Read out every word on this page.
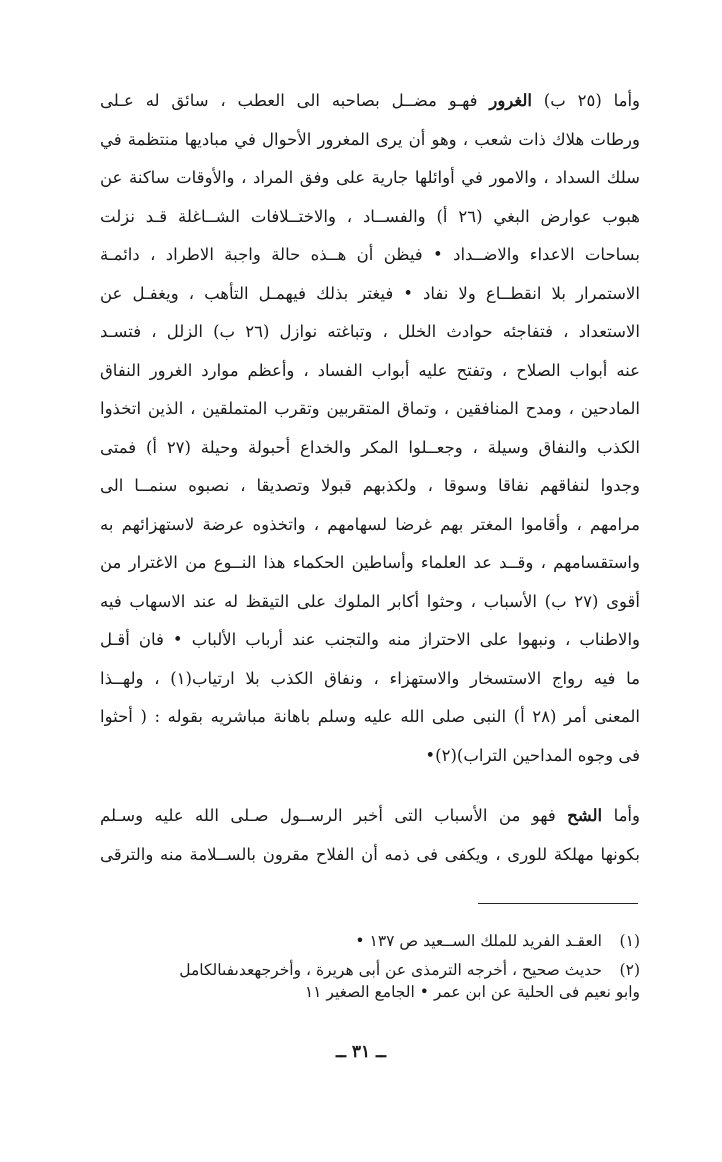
وأما (٢٥ ب) الغرور فهـو مضــل بصاحبه الى العطب ، سائق له عـلى
ورطات هلاك ذات شعب ، وهو أن يرى المغرور الأحوال في مباديها منتظمة في
سلك السداد ، والامور في أوائلها جارية على وفق المراد ، والأوقات ساكنة عن
هبوب عوارض البغي (٢٦ أ) والفســاد ، والاختــلافات الشــاغلة قـد نزلت
بساحات الاعداء والاضــداد • فيظن أن هــذه حالة واجبة الاطراد ، دائمـة
الاستمرار بلا انقطــاع ولا نفاد • فيغتر بذلك فيهمـل التأهب ، ويغفـل عن
الاستعداد ، فتفاجئه حوادث الخلل ، وتباغته نوازل (٢٦ ب) الزلل ، فتسـد
عنه أبواب الصلاح ، وتفتح عليه أبواب الفساد ، وأعظم موارد الغرور النفاق
المادحين ، ومدح المنافقين ، وتماق المتقربين وتقرب المتملقين ، الذين اتخذوا
الكذب والنفاق وسيلة ، وجعــلوا المكر والخداع أحبولة وحيلة (٢٧ أ) فمتى
وجدوا لنفاقهم نفاقا وسوقا ، ولكذبهم قبولا وتصديقا ، نصبوه سنمــا الى
مرامهم ، وأقاموا المغتر بهم غرضا لسهامهم ، واتخذوه عرضة لاستهزائهم به
واستقسامهم ، وقــد عد العلماء وأساطين الحكماء هذا النــوع من الاغترار من
أقوى (٢٧ ب) الأسباب ، وحثوا أكابر الملوك على التيقظ له عند الاسهاب فيه
والاطناب ، ونبهوا على الاحتراز منه والتجنب عند أرباب الألباب • فان أقـل
ما فيه رواج الاستسخار والاستهزاء ، ونفاق الكذب بلا ارتياب(١) ، ولهــذا
المعنى أمر (٢٨ أ) النبى صلى الله عليه وسلم باهانة مباشريه بقوله : ( أحثوا
فى وجوه المداحين التراب)(٢)•
وأما الشح فهو من الأسباب التى أخبر الرســول صـلى الله عليه وسـلم
بكونها مهلكة للورى ، ويكفى فى ذمه أن الفلاح مقرون بالســلامة منه والترقى
(١)العقـد الفريد للملك الســعيد ص ١٣٧ •
(٢)حديث صحيح ، أخرجه الترمذى عن أبى هريرة ، وأخرجهعدىفىالكامل
وابو نعيم فى الحلية عن ابن عمر • الجامع الصغير ١١
ــ ٣١ ــ
